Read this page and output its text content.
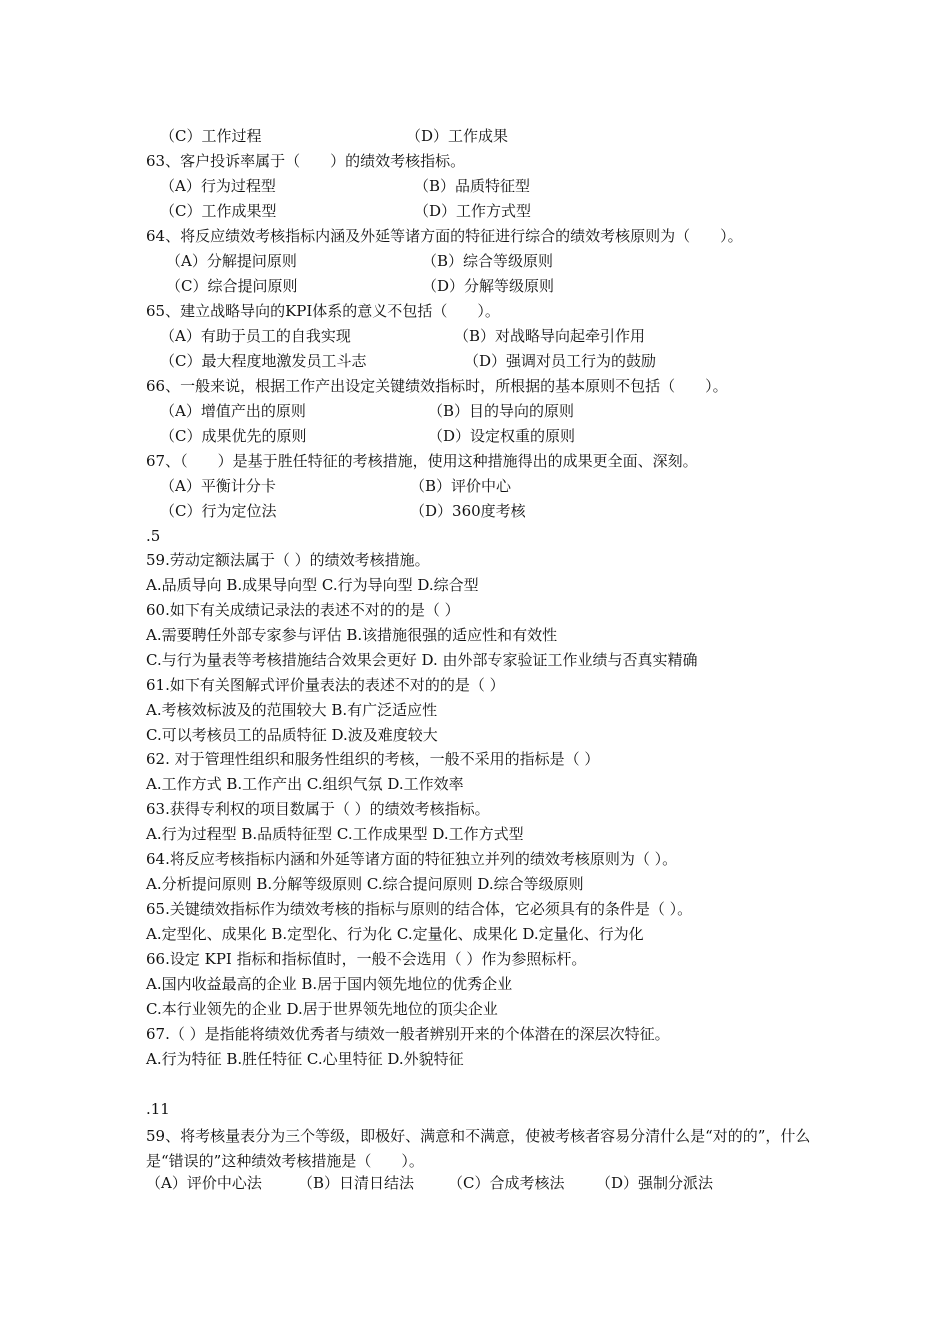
（C）工作过程	（D）工作成果
63、客户投诉率属于（　　）的绩效考核指标。
（A）行为过程型	（B）品质特征型
（C）工作成果型	（D）工作方式型
64、将反应绩效考核指标内涵及外延等诸方面的特征进行综合的绩效考核原则为（　　）。
（A）分解提问原则	（B）综合等级原则
（C）综合提问原则	（D）分解等级原则
65、建立战略导向的KPI体系的意义不包括（　　）。
（A）有助于员工的自我实现	（B）对战略导向起牵引作用
（C）最大程度地激发员工斗志	（D）强调对员工行为的鼓励
66、一般来说，根据工作产出设定关键绩效指标时，所根据的基本原则不包括（　　）。
（A）增值产出的原则	（B）目的导向的原则
（C）成果优先的原则	（D）设定权重的原则
67、（　　）是基于胜任特征的考核措施，使用这种措施得出的成果更全面、深刻。
（A）平衡计分卡	（B）评价中心
（C）行为定位法	（D）360度考核
.5
59.劳动定额法属于（ ）的绩效考核措施。
A.品质导向 B.成果导向型 C.行为导向型 D.综合型
60.如下有关成绩记录法的表述不对的的是（ ）
A.需要聘任外部专家参与评估 B.该措施很强的适应性和有效性
C.与行为量表等考核措施结合效果会更好 D. 由外部专家验证工作业绩与否真实精确
61.如下有关图解式评价量表法的表述不对的的是（ ）
A.考核效标波及的范围较大 B.有广泛适应性
C.可以考核员工的品质特征 D.波及难度较大
62. 对于管理性组织和服务性组织的考核，一般不采用的指标是（ ）
A.工作方式 B.工作产出 C.组织气氛 D.工作效率
63.获得专利权的项目数属于（ ）的绩效考核指标。
A.行为过程型 B.品质特征型 C.工作成果型 D.工作方式型
64.将反应考核指标内涵和外延等诸方面的特征独立并列的绩效考核原则为（ ）。
A.分析提问原则 B.分解等级原则 C.综合提问原则 D.综合等级原则
65.关键绩效指标作为绩效考核的指标与原则的结合体，它必须具有的条件是（ ）。
A.定型化、成果化 B.定型化、行为化 C.定量化、成果化 D.定量化、行为化
66.设定 KPI 指标和指标值时，一般不会选用（ ）作为参照标杆。
A.国内收益最高的企业 B.居于国内领先地位的优秀企业
C.本行业领先的企业 D.居于世界领先地位的顶尖企业
67.（ ）是指能将绩效优秀者与绩效一般者辨别开来的个体潜在的深层次特征。
A.行为特征 B.胜任特征 C.心里特征 D.外貌特征
.11
59、将考核量表分为三个等级，即极好、满意和不满意，使被考核者容易分清什么是“对的的”，什么是“错误的”这种绩效考核措施是（　　）。
（A）评价中心法 （B）日清日结法 （C）合成考核法 （D）强制分派法
